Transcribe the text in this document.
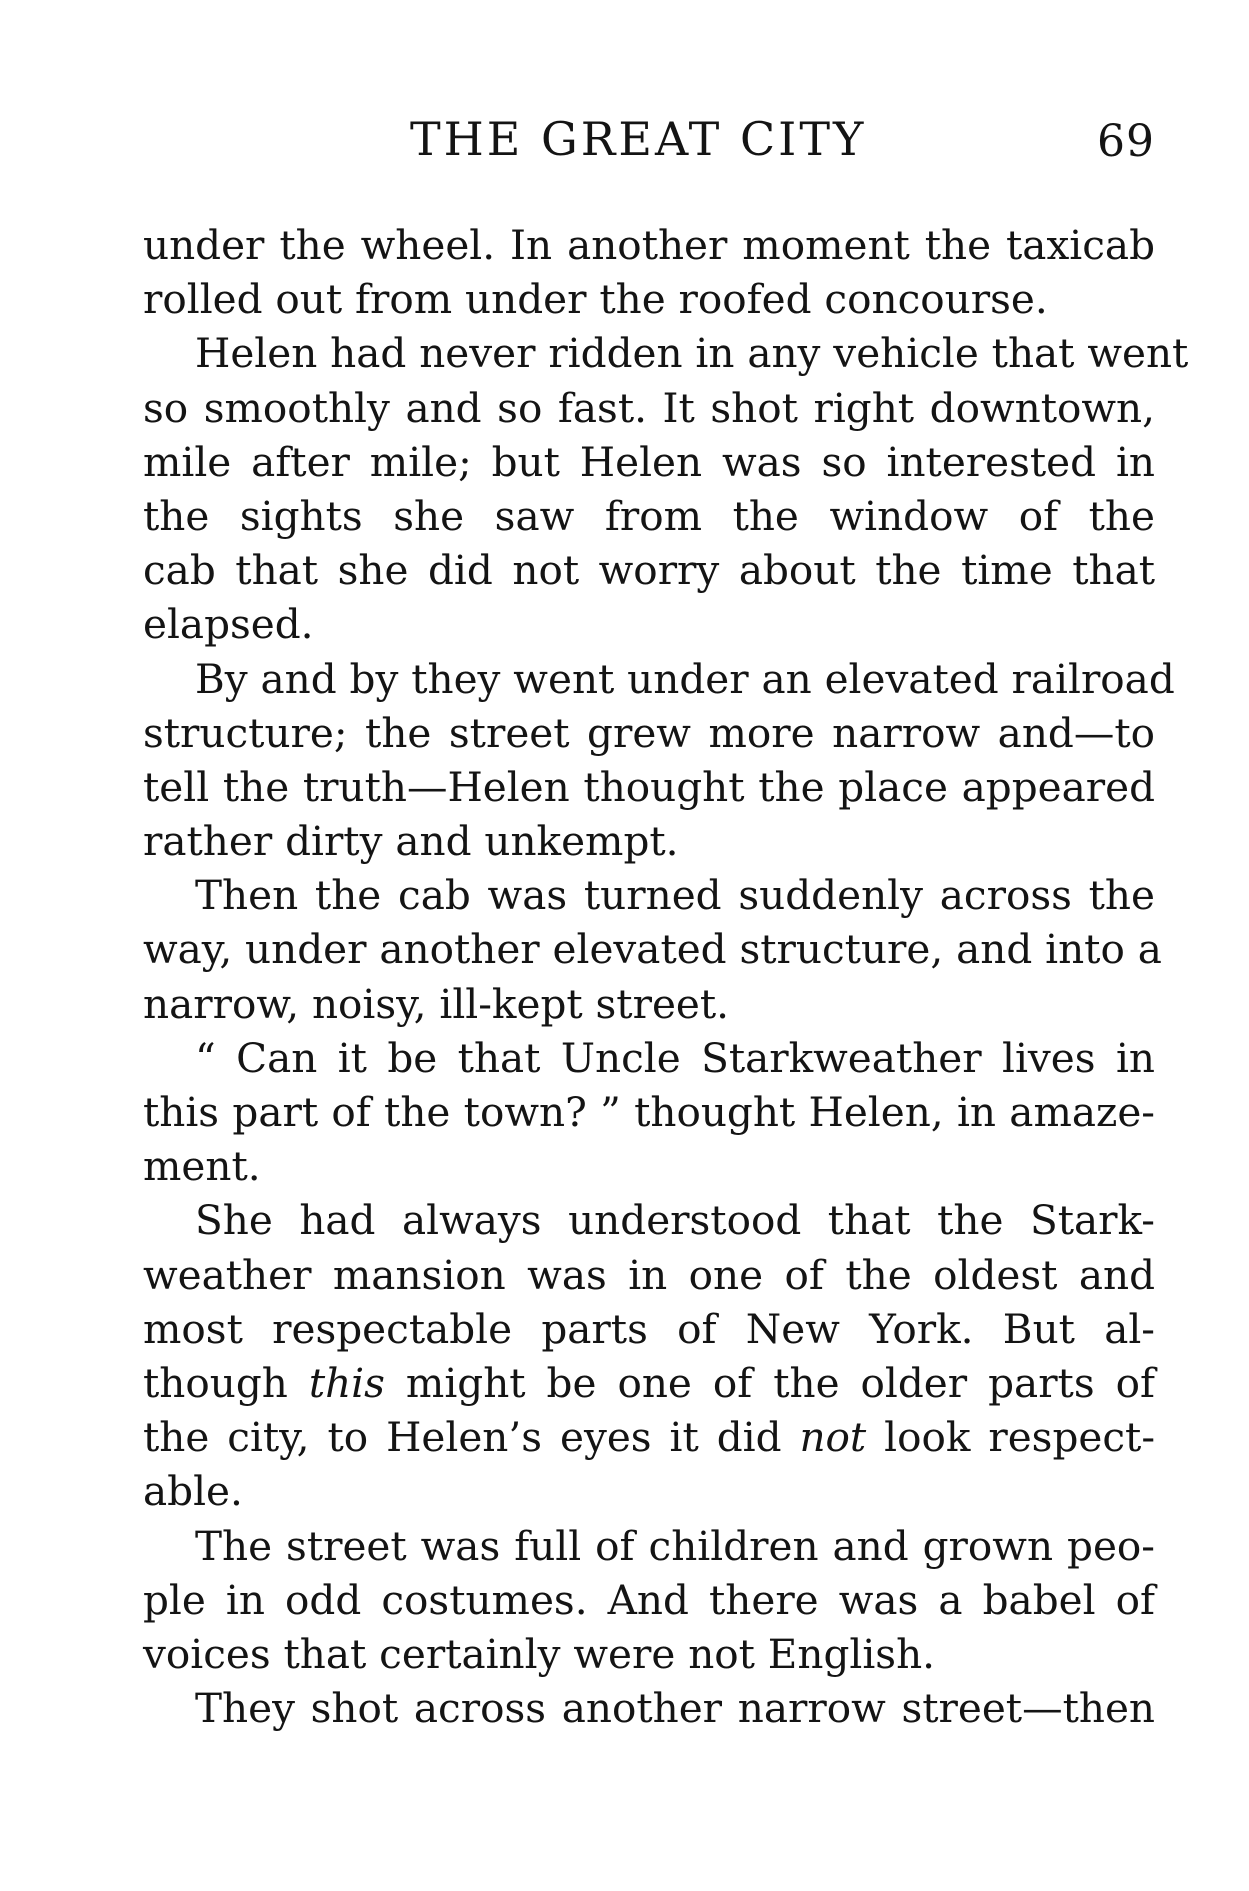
THE GREAT CITY	69
under the wheel. In another moment the taxicab
rolled out from under the roofed concourse.
Helen had never ridden in any vehicle that went
so smoothly and so fast. It shot right downtown,
mile after mile; but Helen was so interested in
the sights she saw from the window of the
cab that she did not worry about the time that
elapsed.
By and by they went under an elevated railroad
structure; the street grew more narrow and—to
tell the truth—Helen thought the place appeared
rather dirty and unkempt.
Then the cab was turned suddenly across the
way, under another elevated structure, and into a
narrow, noisy, ill-kept street.
“ Can it be that Uncle Starkweather lives in
this part of the town? ” thought Helen, in amaze-
ment.
She had always understood that the Stark-
weather mansion was in one of the oldest and
most respectable parts of New York. But al-
though this might be one of the older parts of
the city, to Helen’s eyes it did not look respect-
able.
The street was full of children and grown peo-
ple in odd costumes. And there was a babel of
voices that certainly were not English.
They shot across another narrow street—then
